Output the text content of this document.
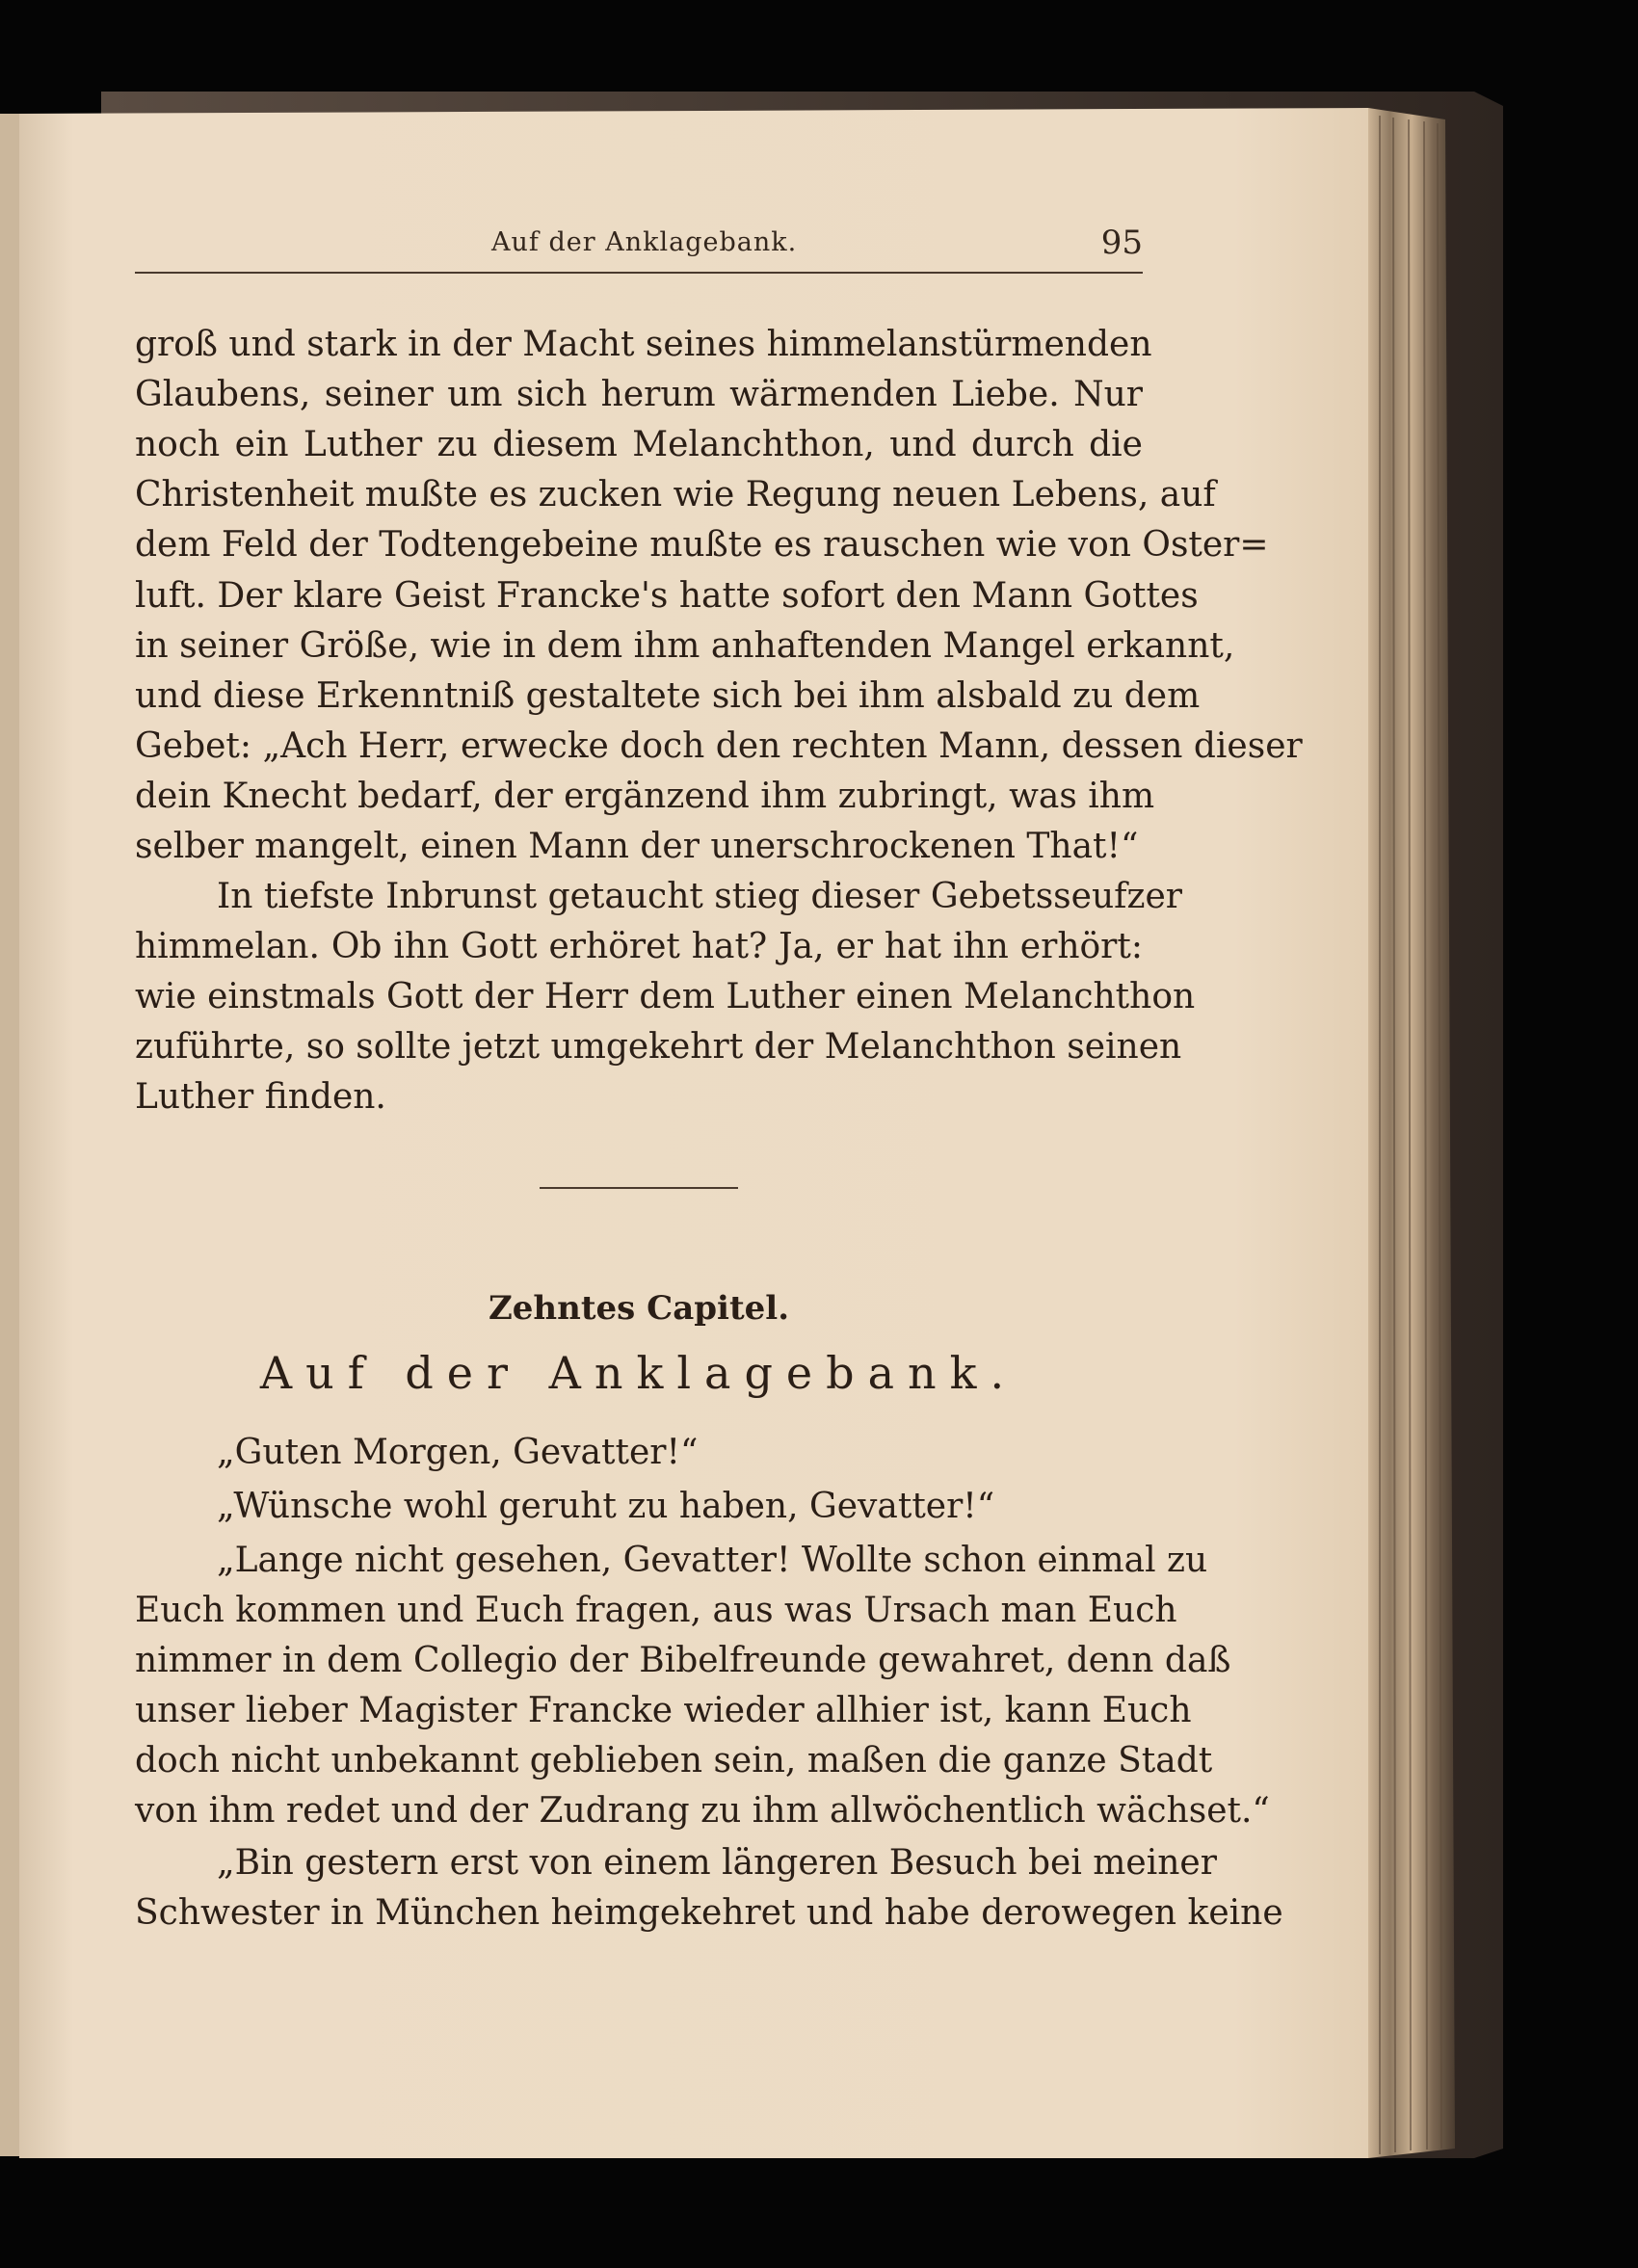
Auf der Anklagebank.	95
groß und stark in der Macht seines himmelanstürmenden
Glaubens, seiner um sich herum wärmenden Liebe. Nur
noch ein Luther zu diesem Melanchthon, und durch die
Christenheit mußte es zucken wie Regung neuen Lebens, auf
dem Feld der Todtengebeine mußte es rauschen wie von Oster=
luft. Der klare Geist Francke's hatte sofort den Mann Gottes
in seiner Größe, wie in dem ihm anhaftenden Mangel erkannt,
und diese Erkenntniß gestaltete sich bei ihm alsbald zu dem
Gebet: „Ach Herr, erwecke doch den rechten Mann, dessen dieser
dein Knecht bedarf, der ergänzend ihm zubringt, was ihm
selber mangelt, einen Mann der unerschrockenen That!“
In tiefste Inbrunst getaucht stieg dieser Gebetsseufzer
himmelan. Ob ihn Gott erhöret hat? Ja, er hat ihn erhört:
wie einstmals Gott der Herr dem Luther einen Melanchthon
zuführte, so sollte jetzt umgekehrt der Melanchthon seinen
Luther finden.
Zehntes Capitel.
Auf der Anklagebank.
„Guten Morgen, Gevatter!“
„Wünsche wohl geruht zu haben, Gevatter!“
„Lange nicht gesehen, Gevatter! Wollte schon einmal zu
Euch kommen und Euch fragen, aus was Ursach man Euch
nimmer in dem Collegio der Bibelfreunde gewahret, denn daß
unser lieber Magister Francke wieder allhier ist, kann Euch
doch nicht unbekannt geblieben sein, maßen die ganze Stadt
von ihm redet und der Zudrang zu ihm allwöchentlich wächset.“
„Bin gestern erst von einem längeren Besuch bei meiner
Schwester in München heimgekehret und habe derowegen keine
